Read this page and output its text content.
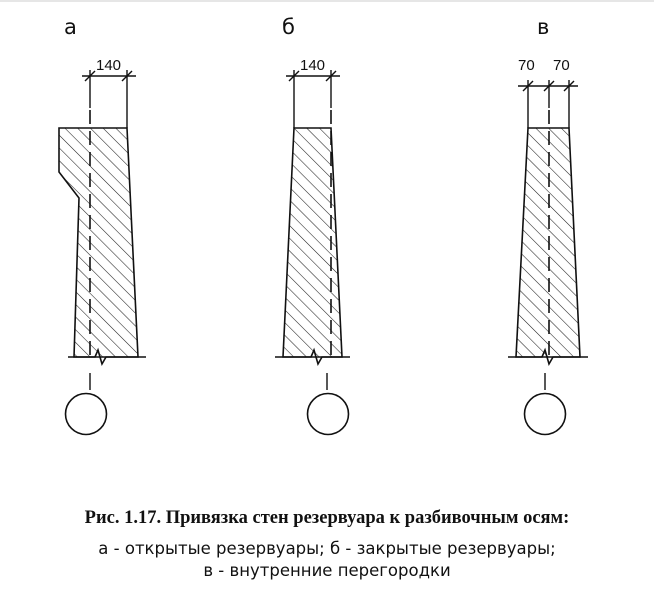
а
140
б
140
в
70 70
Рис. 1.17. Привязка стен резервуара к разбивочным осям:
а - открытые резервуары; б - закрытые резервуары;
в - внутренние перегородки
